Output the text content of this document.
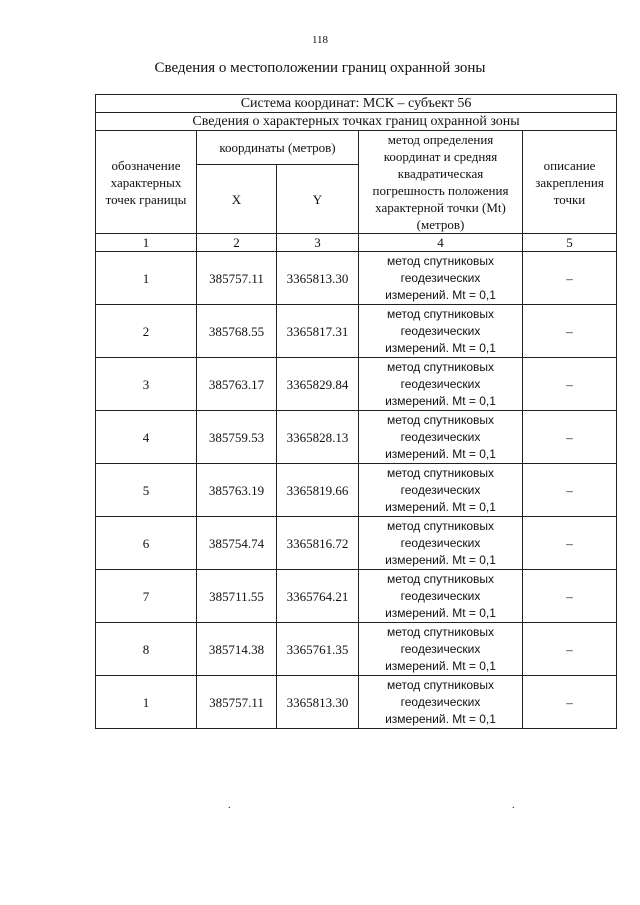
118
Сведения о местоположении границ охранной зоны
Система координат: МСК – субъект 56				
Сведения о характерных точках границ охранной зоны				
обозначение характерных точек границы	координаты (метров)		метод определения координат и средняя квадратическая погрешность положения характерной точки (Mt) (метров)	описание закрепления точки
	X	Y		
1	2	3	4	5
1	385757.11	3365813.30	метод спутниковых
геодезических
измерений. Mt = 0,1	–
2	385768.55	3365817.31	метод спутниковых
геодезических
измерений. Mt = 0,1	–
3	385763.17	3365829.84	метод спутниковых
геодезических
измерений. Mt = 0,1	–
4	385759.53	3365828.13	метод спутниковых
геодезических
измерений. Mt = 0,1	–
5	385763.19	3365819.66	метод спутниковых
геодезических
измерений. Mt = 0,1	–
6	385754.74	3365816.72	метод спутниковых
геодезических
измерений. Mt = 0,1	–
7	385711.55	3365764.21	метод спутниковых
геодезических
измерений. Mt = 0,1	–
8	385714.38	3365761.35	метод спутниковых
геодезических
измерений. Mt = 0,1	–
1	385757.11	3365813.30	метод спутниковых
геодезических
измерений. Mt = 0,1	–
.	.
